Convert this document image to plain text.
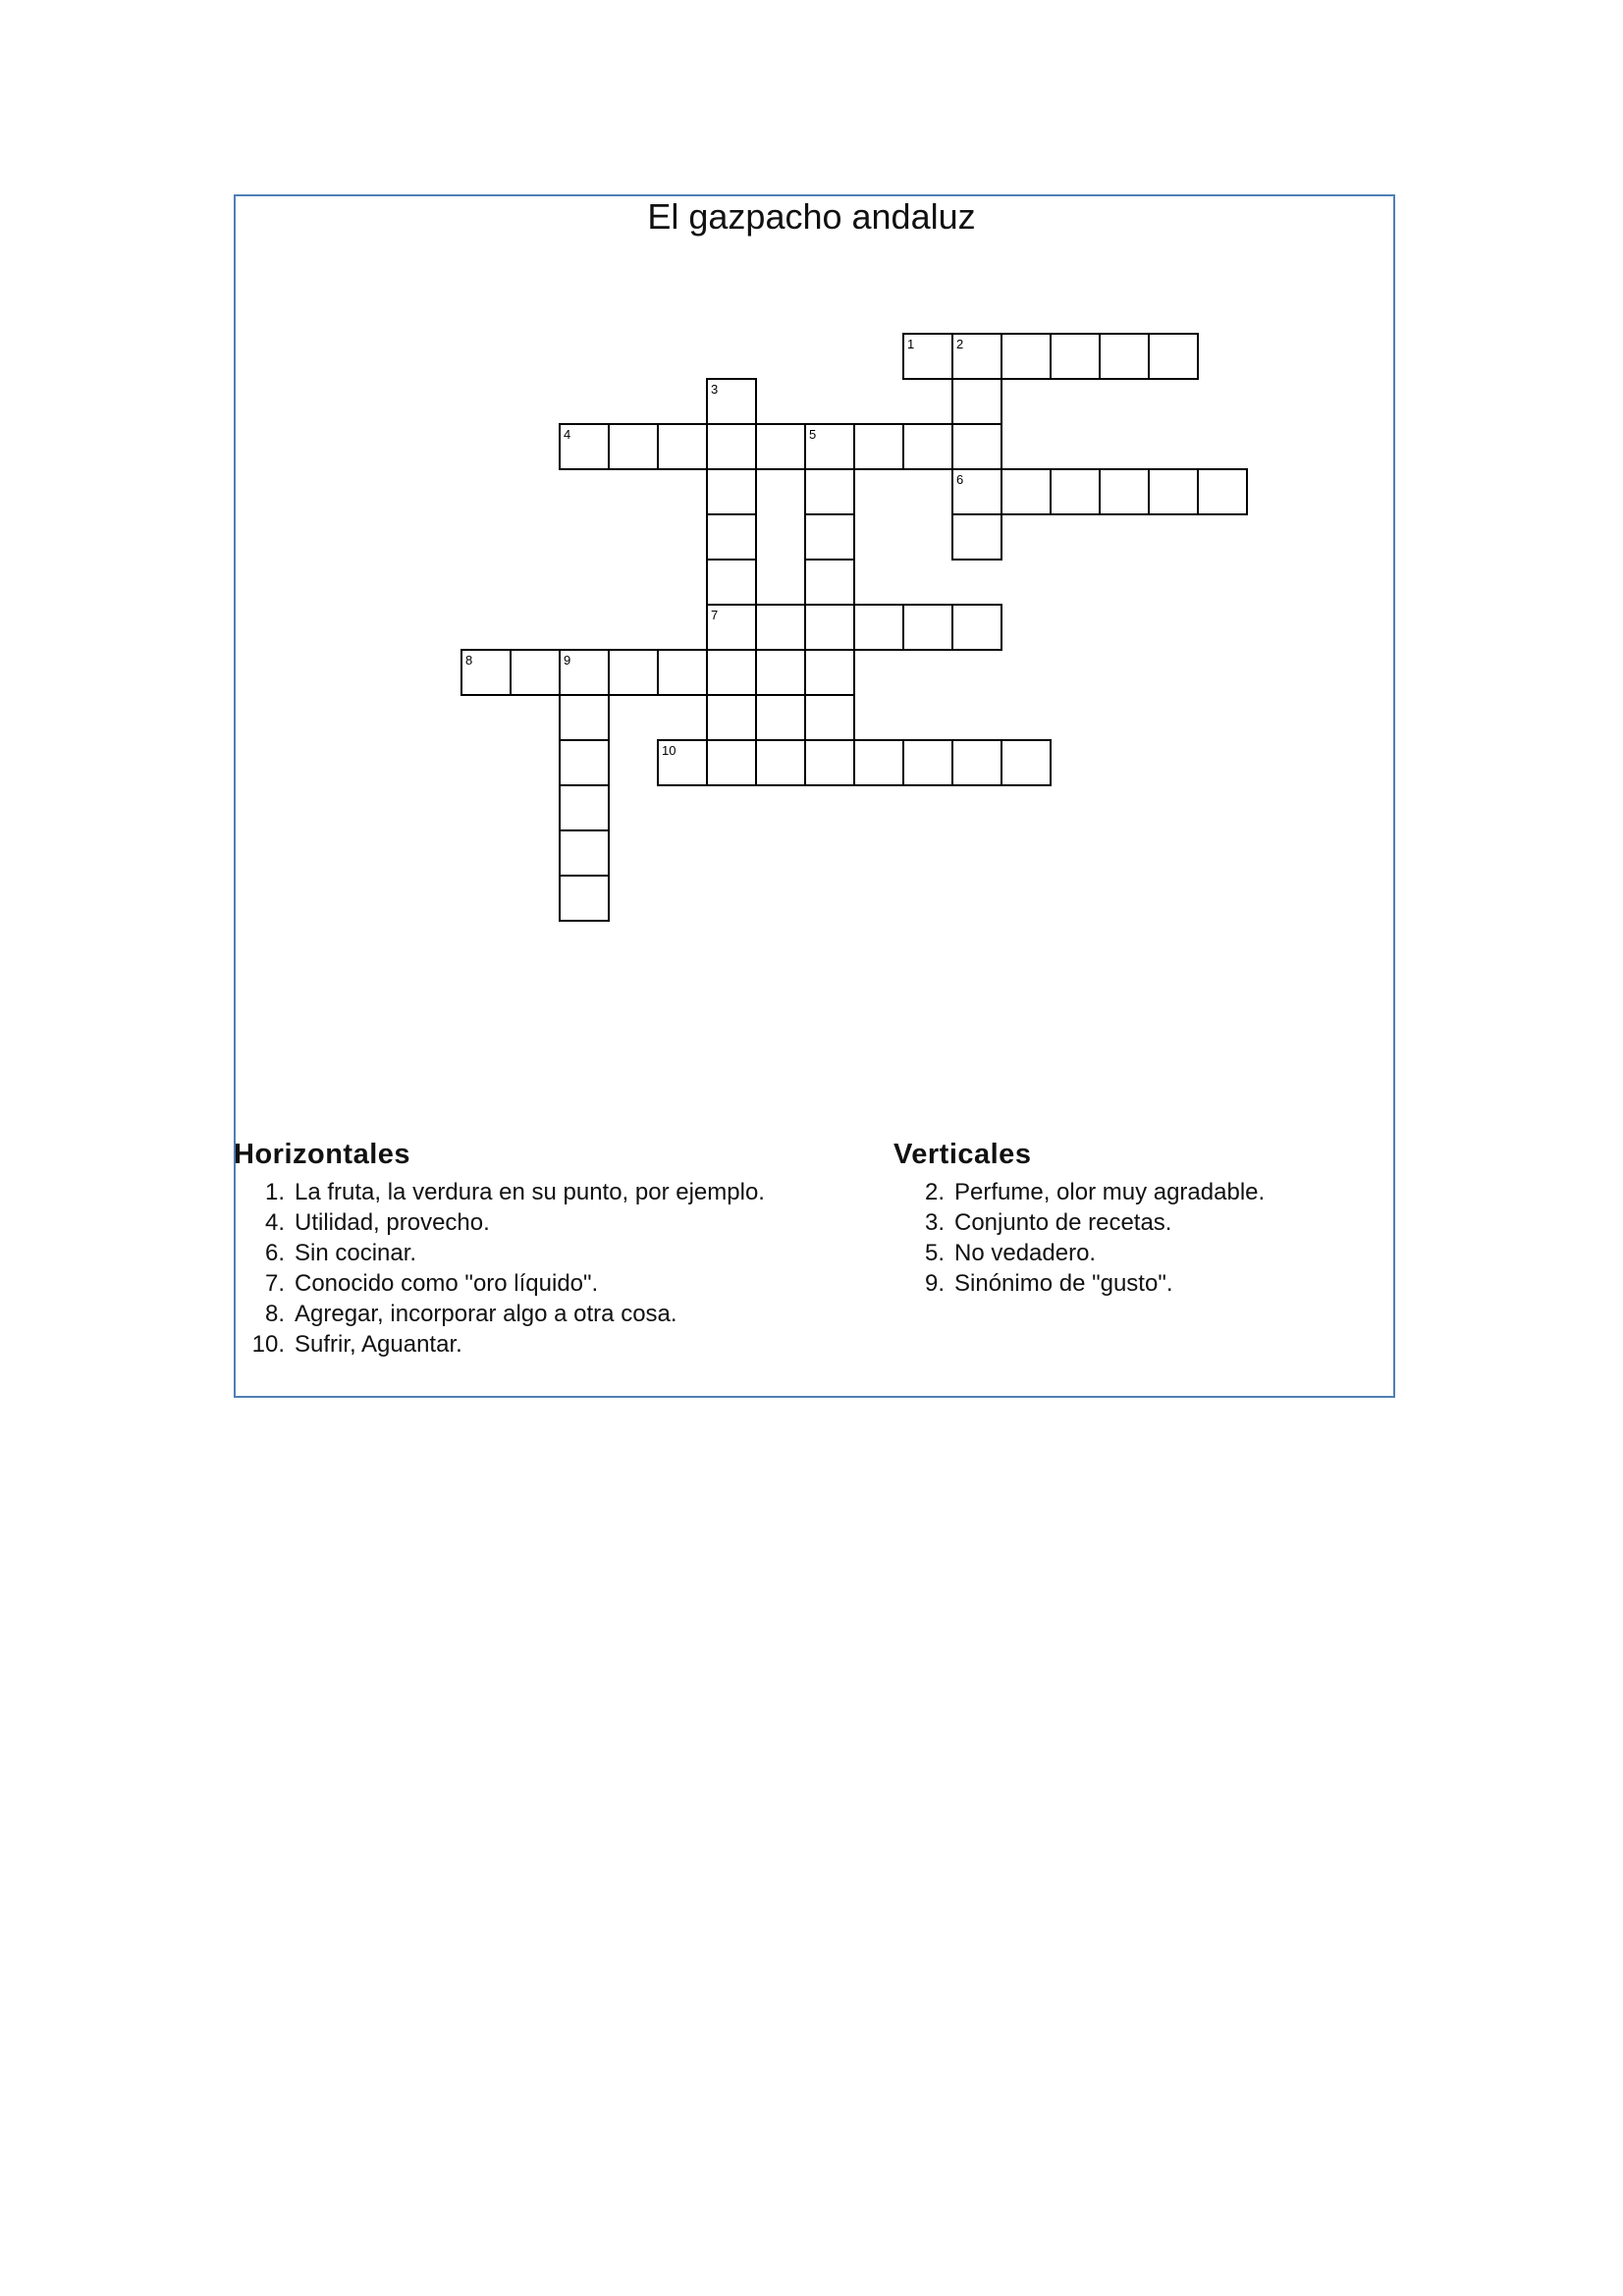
El gazpacho andaluz
1	2
3
4	5
6
7
8	9
10
Horizontales
1. La fruta, la verdura en su punto, por ejemplo.
4. Utilidad, provecho.
6. Sin cocinar.
7. Conocido como "oro líquido".
8. Agregar, incorporar algo a otra cosa.
10. Sufrir, Aguantar.
Verticales
2. Perfume, olor muy agradable.
3. Conjunto de recetas.
5. No vedadero.
9. Sinónimo de "gusto".
